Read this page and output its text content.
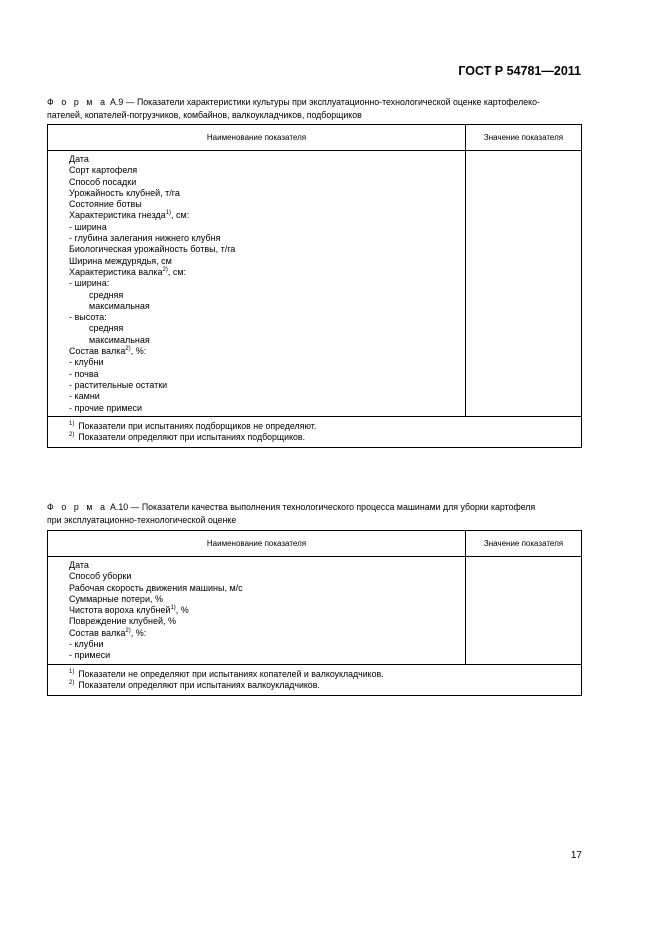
ГОСТ Р 54781—2011
Ф о р м а А.9 — Показатели характеристики культуры при эксплуатационно-технологической оценке картофелеко-
пателей, копателей-погрузчиков, комбайнов, валкоукладчиков, подборщиков
Наименование показателя	Значение показателя
Дата
Сорт картофеля
Способ посадки
Урожайность клубней, т/га
Состояние ботвы
Характеристика гнезда$^{1)}$, см:
- ширина
- глубина залегания нижнего клубня
Биологическая урожайность ботвы, т/га
Ширина междурядья, см
Характеристика валка$^{2)}$, см:
- ширина:
средняя
максимальная
- высота:
средняя
максимальная
Состав валка$^{2)}$, %:
- клубни
- почва
- растительные остатки
- камни
- прочие примеси
$^{1)}$ Показатели при испытаниях подборщиков не определяют.
$^{2)}$ Показатели определяют при испытаниях подборщиков.
Ф о р м а А.10 — Показатели качества выполнения технологического процесса машинами для уборки картофеля
при эксплуатационно-технологической оценке
Наименование показателя	Значение показателя
Дата
Способ уборки
Рабочая скорость движения машины, м/с
Суммарные потери, %
Чистота вороха клубней$^{1)}$, %
Повреждение клубней, %
Состав валка$^{2)}$, %:
- клубни
- примеси
$^{1)}$ Показатели не определяют при испытаниях копателей и валкоукладчиков.
$^{2)}$ Показатели определяют при испытаниях валкоукладчиков.
17
